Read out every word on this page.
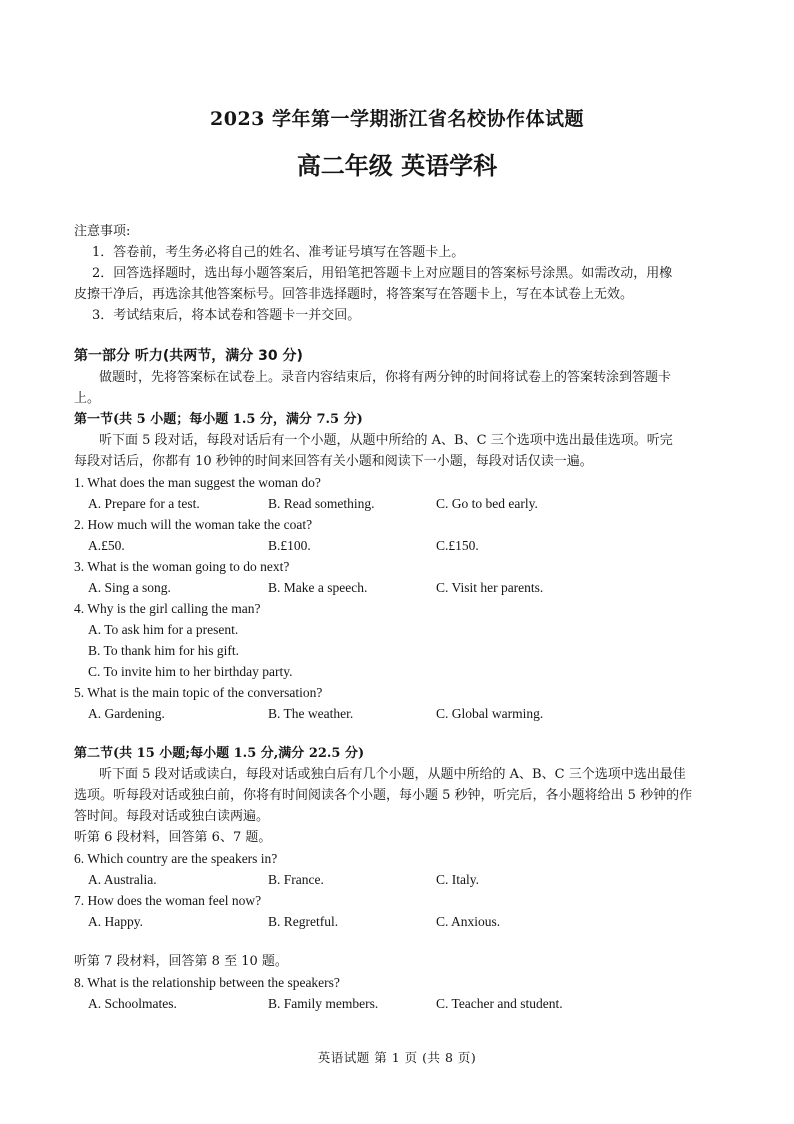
2023 学年第一学期浙江省名校协作体试题
高二年级 英语学科
注意事项:
1．答卷前，考生务必将自己的姓名、准考证号填写在答题卡上。
2．回答选择题时，选出每小题答案后，用铅笔把答题卡上对应题目的答案标号涂黑。如需改动，用橡
皮擦干净后，再选涂其他答案标号。回答非选择题时，将答案写在答题卡上，写在本试卷上无效。
3．考试结束后，将本试卷和答题卡一并交回。
第一部分 听力(共两节，满分 30 分)
做题时，先将答案标在试卷上。录音内容结束后，你将有两分钟的时间将试卷上的答案转涂到答题卡
上。
第一节(共 5 小题；每小题 1.5 分，满分 7.5 分)
听下面 5 段对话，每段对话后有一个小题，从题中所给的 A、B、C 三个选项中选出最佳选项。听完
每段对话后，你都有 10 秒钟的时间来回答有关小题和阅读下一小题，每段对话仅读一遍。
1. What does the man suggest the woman do?
A. Prepare for a test.	B. Read something.	C. Go to bed early.
2. How much will the woman take the coat?
A.£50.	B.£100.	C.£150.
3. What is the woman going to do next?
A. Sing a song.	B. Make a speech.	C. Visit her parents.
4. Why is the girl calling the man?
A. To ask him for a present.
B. To thank him for his gift.
C. To invite him to her birthday party.
5. What is the main topic of the conversation?
A. Gardening.	B. The weather.	C. Global warming.
第二节(共 15 小题;每小题 1.5 分,满分 22.5 分)
听下面 5 段对话或读白，每段对话或独白后有几个小题，从题中所给的 A、B、C 三个选项中选出最佳
选项。听每段对话或独白前，你将有时间阅读各个小题，每小题 5 秒钟，听完后，各小题将给出 5 秒钟的作
答时间。每段对话或独白读两遍。
听第 6 段材料，回答第 6、7 题。
6. Which country are the speakers in?
A. Australia.	B. France.	C. Italy.
7. How does the woman feel now?
A. Happy.	B. Regretful.	C. Anxious.
听第 7 段材料，回答第 8 至 10 题。
8. What is the relationship between the speakers?
A. Schoolmates.	B. Family members.	C. Teacher and student.
英语试题 第 1 页 (共 8 页)
